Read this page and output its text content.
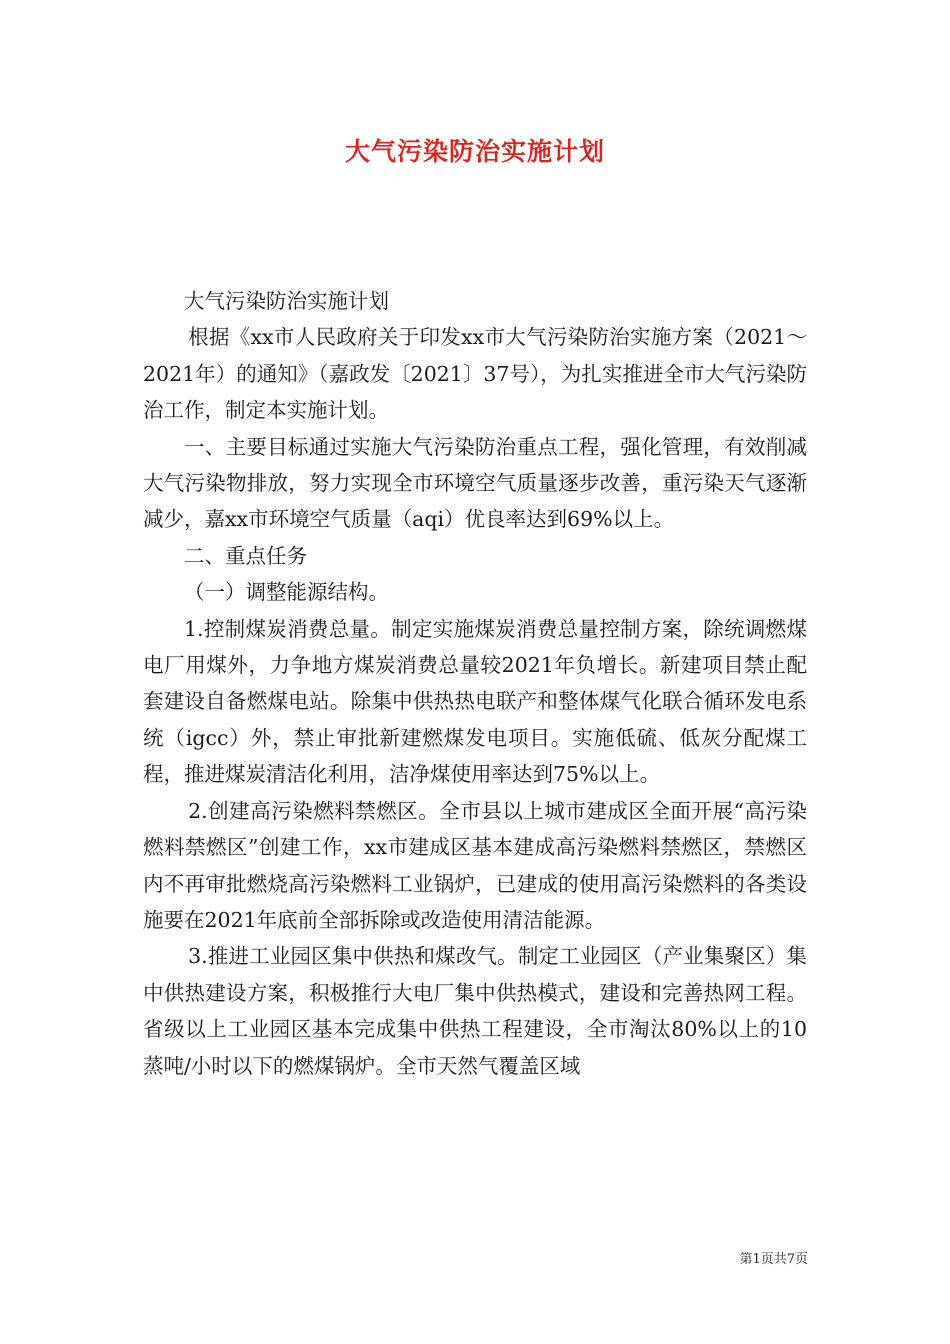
大气污染防治实施计划

大气污染防治实施计划

根据《xx市人民政府关于印发xx市大气污染防治实施方案（2021～2021年）的通知》（嘉政发〔2021〕37号），为扎实推进全市大气污染防治工作，制定本实施计划。

一、主要目标通过实施大气污染防治重点工程，强化管理，有效削减大气污染物排放，努力实现全市环境空气质量逐步改善，重污染天气逐渐减少，嘉xx市环境空气质量（aqi）优良率达到69%以上。

二、重点任务

（一）调整能源结构。

1.控制煤炭消费总量。制定实施煤炭消费总量控制方案，除统调燃煤电厂用煤外，力争地方煤炭消费总量较2021年负增长。新建项目禁止配套建设自备燃煤电站。除集中供热热电联产和整体煤气化联合循环发电系统（igcc）外，禁止审批新建燃煤发电项目。实施低硫、低灰分配煤工程，推进煤炭清洁化利用，洁净煤使用率达到75%以上。

2.创建高污染燃料禁燃区。全市县以上城市建成区全面开展“高污染燃料禁燃区”创建工作，xx市建成区基本建成高污染燃料禁燃区，禁燃区内不再审批燃烧高污染燃料工业锅炉，已建成的使用高污染燃料的各类设施要在2021年底前全部拆除或改造使用清洁能源。

3.推进工业园区集中供热和煤改气。制定工业园区（产业集聚区）集中供热建设方案，积极推行大电厂集中供热模式，建设和完善热网工程。省级以上工业园区基本完成集中供热工程建设，全市淘汰80%以上的10蒸吨/小时以下的燃煤锅炉。全市天然气覆盖区域

第1页共7页
